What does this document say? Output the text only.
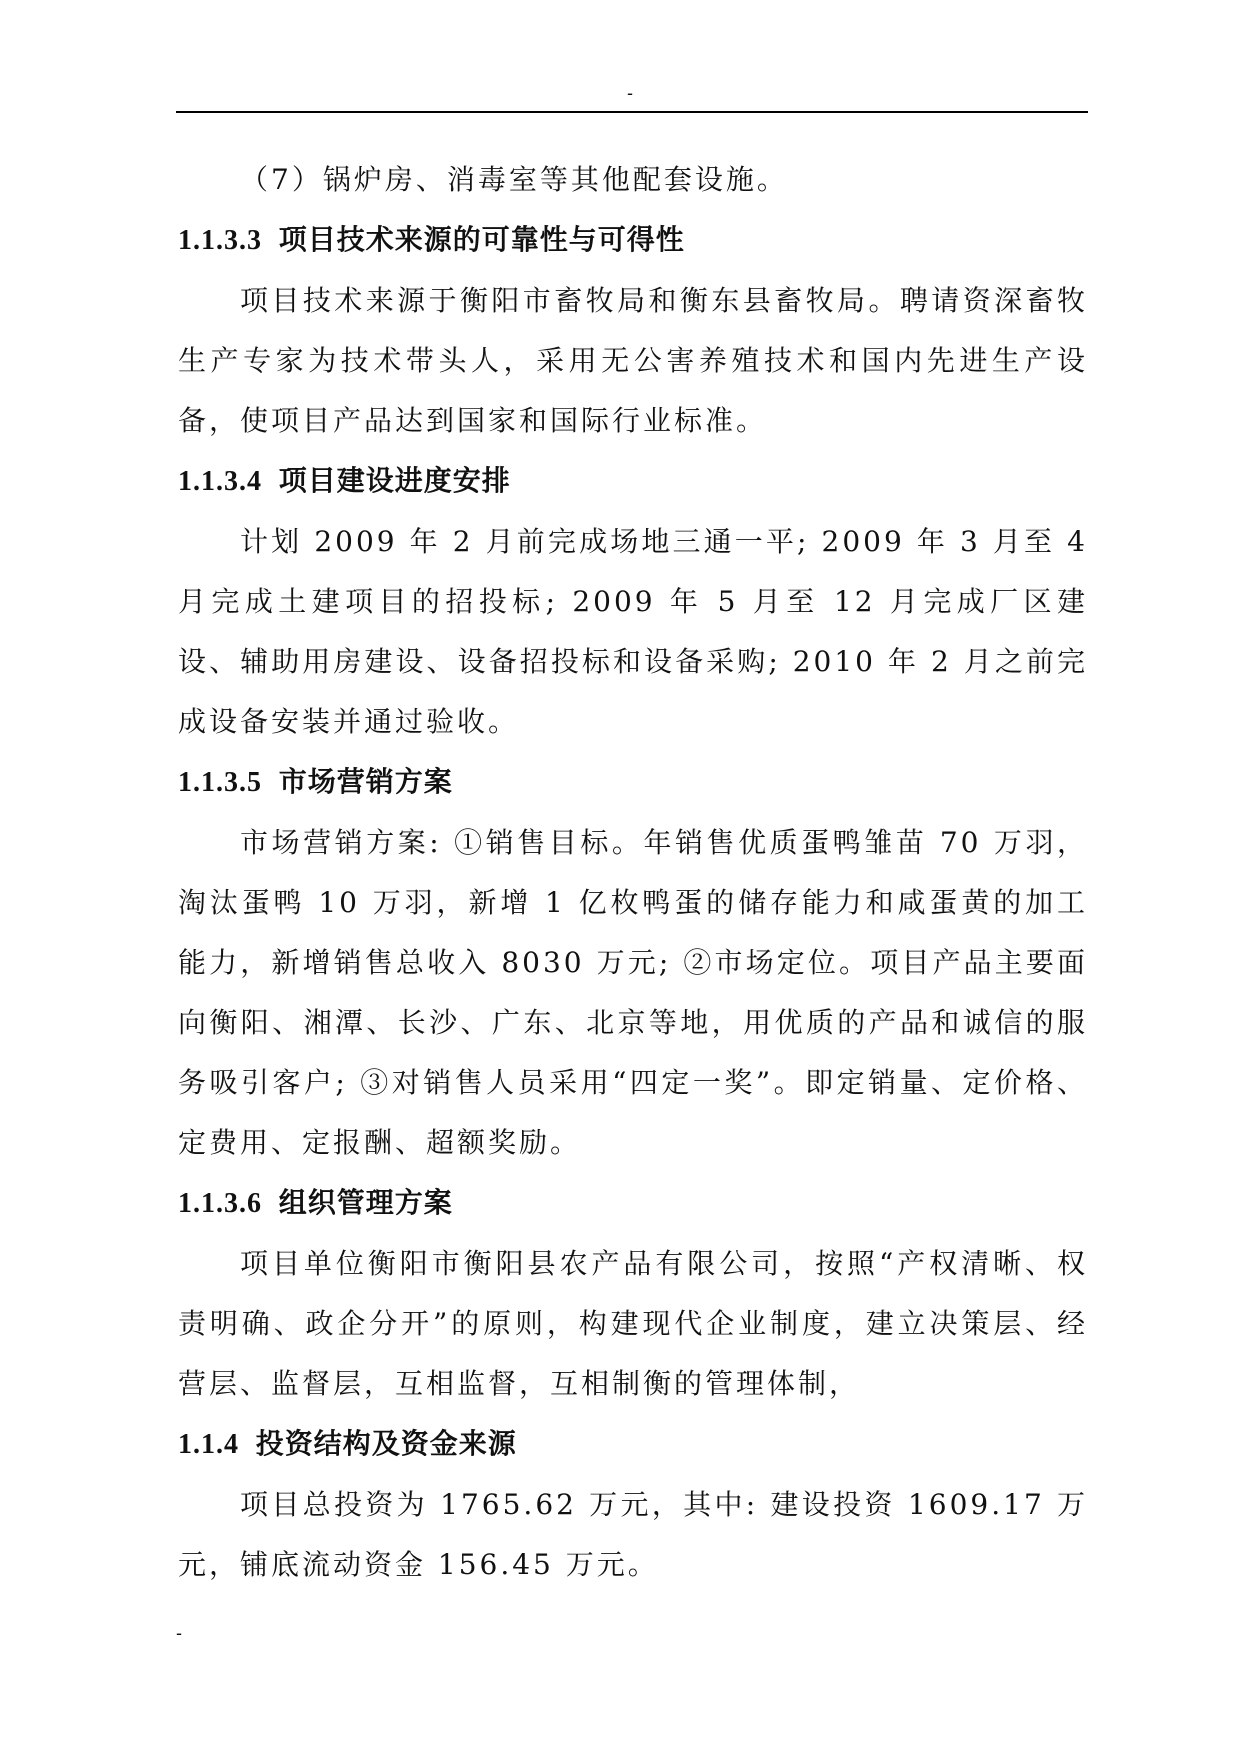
-

（7）锅炉房、消毒室等其他配套设施。

1.1.3.3 项目技术来源的可靠性与可得性

项目技术来源于衡阳市畜牧局和衡东县畜牧局。聘请资深畜牧生产专家为技术带头人，采用无公害养殖技术和国内先进生产设备，使项目产品达到国家和国际行业标准。

1.1.3.4 项目建设进度安排

计划 2009 年 2 月前完成场地三通一平; 2009 年 3 月至 4 月完成土建项目的招投标; 2009 年 5 月至 12 月完成厂区建设、辅助用房建设、设备招投标和设备采购; 2010 年 2 月之前完成设备安装并通过验收。

1.1.3.5 市场营销方案

市场营销方案: ①销售目标。年销售优质蛋鸭雏苗 70 万羽，淘汰蛋鸭 10 万羽，新增 1 亿枚鸭蛋的储存能力和咸蛋黄的加工能力，新增销售总收入 8030 万元; ②市场定位。项目产品主要面向衡阳、湘潭、长沙、广东、北京等地，用优质的产品和诚信的服务吸引客户; ③对销售人员采用“四定一奖”。即定销量、定价格、定费用、定报酬、超额奖励。

1.1.3.6 组织管理方案

项目单位衡阳市衡阳县农产品有限公司，按照“产权清晰、权责明确、政企分开”的原则，构建现代企业制度，建立决策层、经营层、监督层，互相监督，互相制衡的管理体制，

1.1.4 投资结构及资金来源

项目总投资为 1765.62 万元，其中: 建设投资 1609.17 万元，铺底流动资金 156.45 万元。

-
